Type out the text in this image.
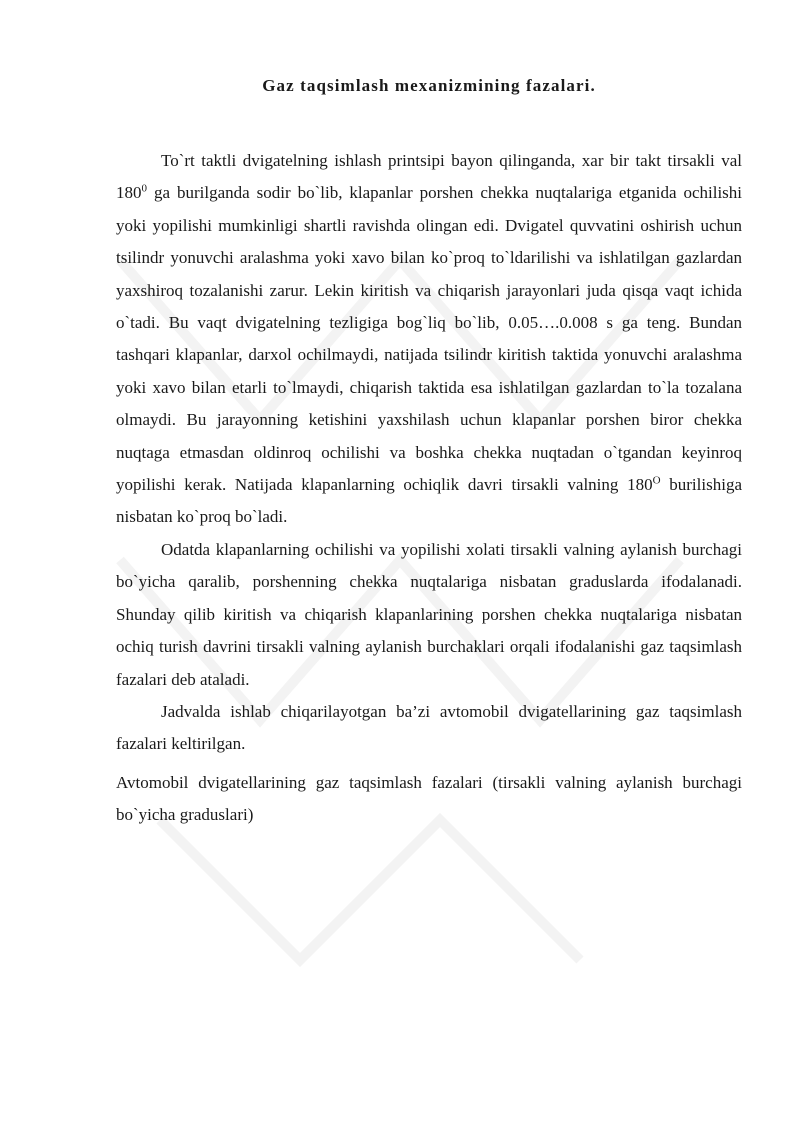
Gaz taqsimlash mexanizmining fazalari.

To`rt taktli dvigatelning ishlash printsipi bayon qilinganda, xar bir takt tirsakli val $180^0$ ga burilganda sodir bo`lib, klapanlar porshen chekka nuqtalariga etganida ochilishi yoki yopilishi mumkinligi shartli ravishda olingan edi. Dvigatel quvvatini oshirish uchun tsilindr yonuvchi aralashma yoki xavo bilan ko`proq to`ldarilishi va ishlatilgan gazlardan yaxshiroq tozalanishi zarur. Lekin kiritish va chiqarish jarayonlari juda qisqa vaqt ichida o`tadi. Bu vaqt dvigatelning tezligiga bog`liq bo`lib, 0.05….0.008 s ga teng. Bundan tashqari klapanlar, darxol ochilmaydi, natijada tsilindr kiritish taktida yonuvchi aralashma yoki xavo bilan etarli to`lmaydi, chiqarish taktida esa ishlatilgan gazlardan to`la tozalana olmaydi. Bu jarayonning ketishini yaxshilash uchun klapanlar porshen biror chekka nuqtaga etmasdan oldinroq ochilishi va boshka chekka nuqtadan o`tgandan keyinroq yopilishi kerak. Natijada klapanlarning ochiqlik davri tirsakli valning $180^O$ burilishiga nisbatan ko`proq bo`ladi.

Odatda klapanlarning ochilishi va yopilishi xolati tirsakli valning aylanish burchagi bo`yicha qaralib, porshenning chekka nuqtalariga nisbatan graduslarda ifodalanadi. Shunday qilib kiritish va chiqarish klapanlarining porshen chekka nuqtalariga nisbatan ochiq turish davrini tirsakli valning aylanish burchaklari orqali ifodalanishi gaz taqsimlash fazalari deb ataladi.

Jadvalda ishlab chiqarilayotgan ba’zi avtomobil dvigatellarining gaz taqsimlash fazalari keltirilgan.

Avtomobil dvigatellarining gaz taqsimlash fazalari (tirsakli valning aylanish burchagi bo`yicha graduslari)
